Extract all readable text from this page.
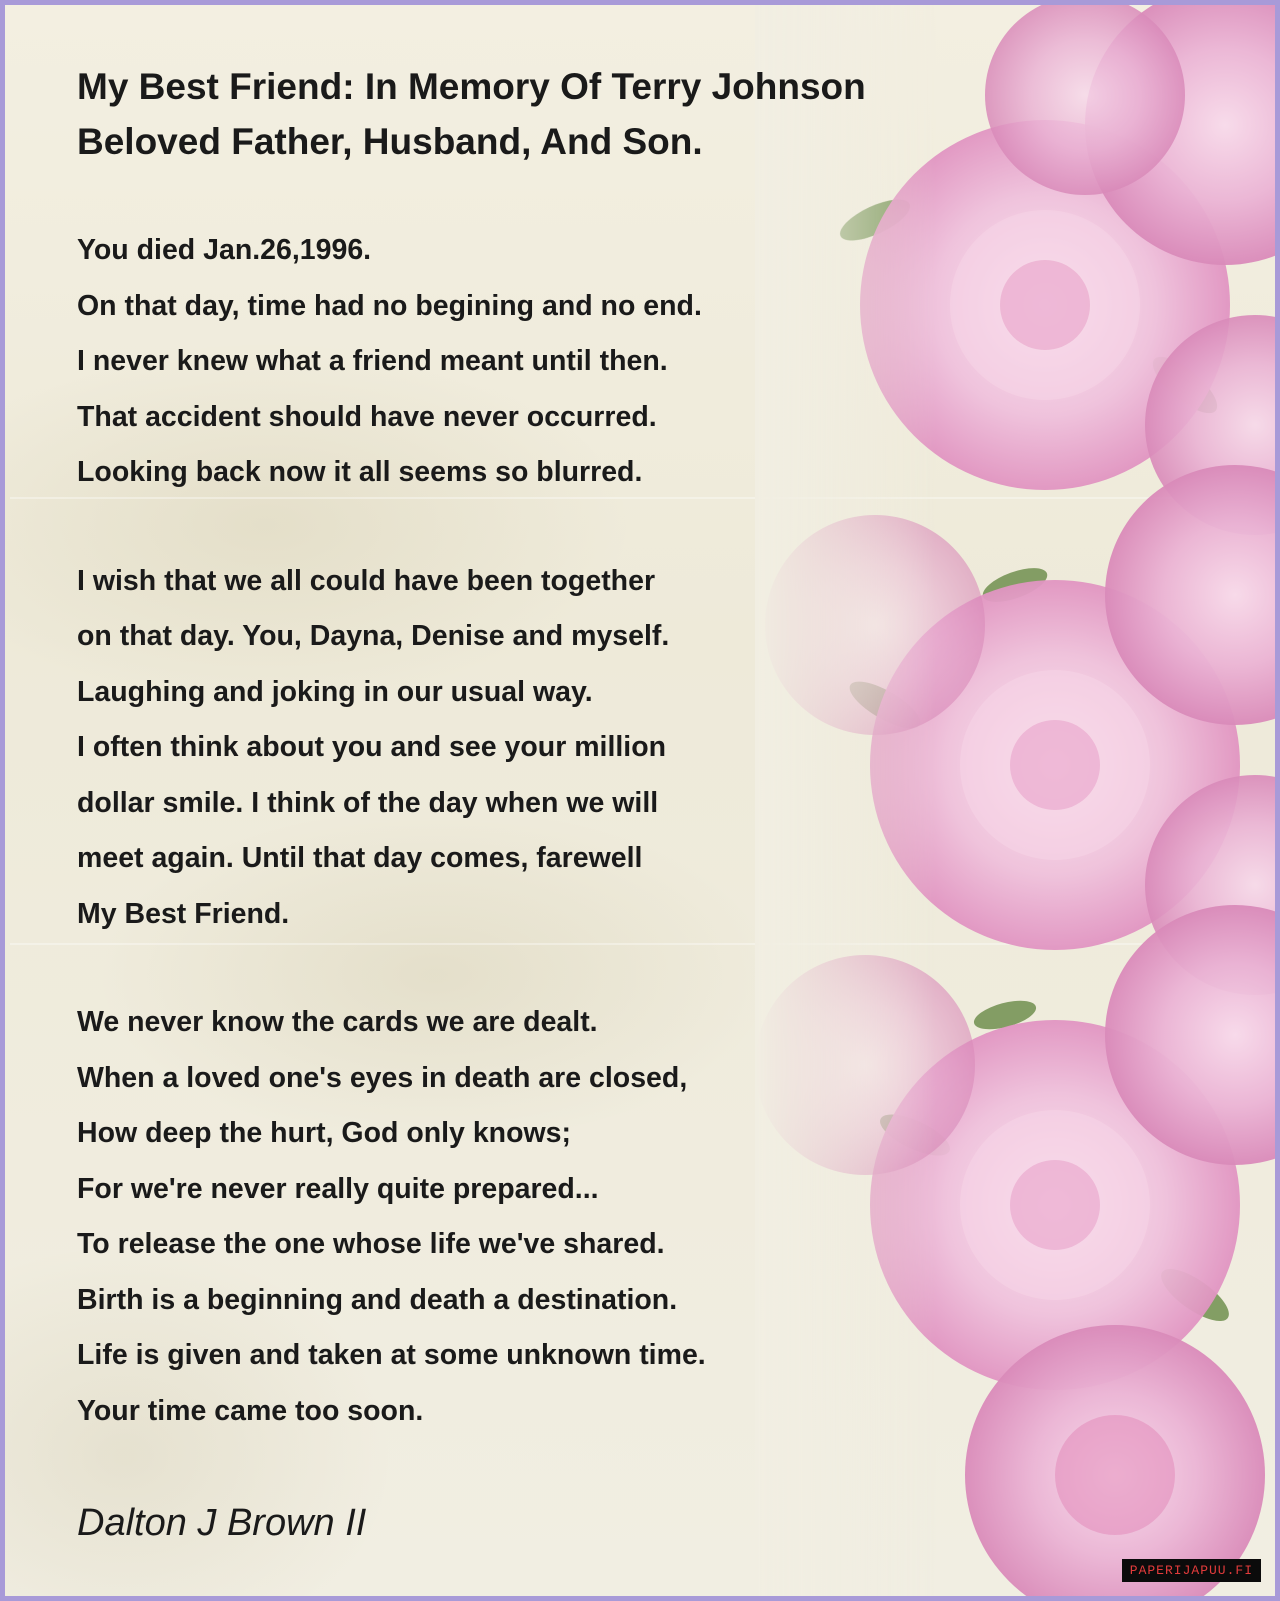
My Best Friend: In Memory Of Terry Johnson
Beloved Father, Husband, And Son.
You died Jan.26,1996.
On that day, time had no begining and no end.
I never knew what a friend meant until then.
That accident should have never occurred.
Looking back now it all seems so blurred.
I wish that we all could have been together
on that day. You, Dayna, Denise and myself.
Laughing and joking in our usual way.
I often think about you and see your million
dollar smile. I think of the day when we will
meet again. Until that day comes, farewell
My Best Friend.
We never know the cards we are dealt.
When a loved one's eyes in death are closed,
How deep the hurt, God only knows;
For we're never really quite prepared...
To release the one whose life we've shared.
Birth is a beginning and death a destination.
Life is given and taken at some unknown time.
Your time came too soon.

Dalton J Brown II

PAPERIJAPUU.FI
